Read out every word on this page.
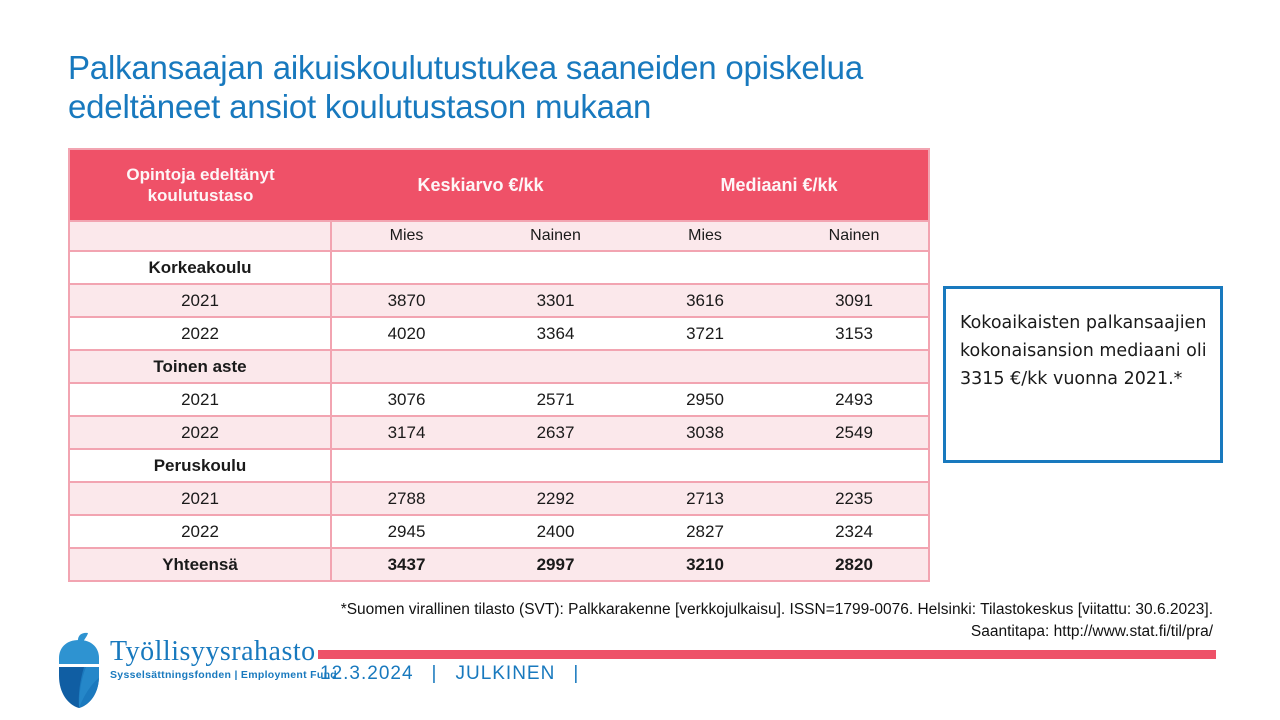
Palkansaajan aikuiskoulutustukea saaneiden opiskelua
edeltäneet ansiot koulutustason mukaan
Opintoja edeltänyt koulutustaso	Keskiarvo €/kk		Mediaani €/kk	
	Mies	Nainen	Mies	Nainen
Korkeakoulu				
2021	3870	3301	3616	3091
2022	4020	3364	3721	3153
Toinen aste				
2021	3076	2571	2950	2493
2022	3174	2637	3038	2549
Peruskoulu				
2021	2788	2292	2713	2235
2022	2945	2400	2827	2324
Yhteensä	3437	2997	3210	2820
Kokoaikaisten palkansaajien kokonaisansion mediaani oli 3315 €/kk vuonna 2021.*
*Suomen virallinen tilasto (SVT): Palkkarakenne [verkkojulkaisu]. ISSN=1799-0076. Helsinki: Tilastokeskus [viitattu: 30.6.2023].
Saantitapa: http://www.stat.fi/til/pra/
Työllisyysrahasto
Sysselsättningsfonden | Employment Fund
12.3.2024 | JULKINEN |
